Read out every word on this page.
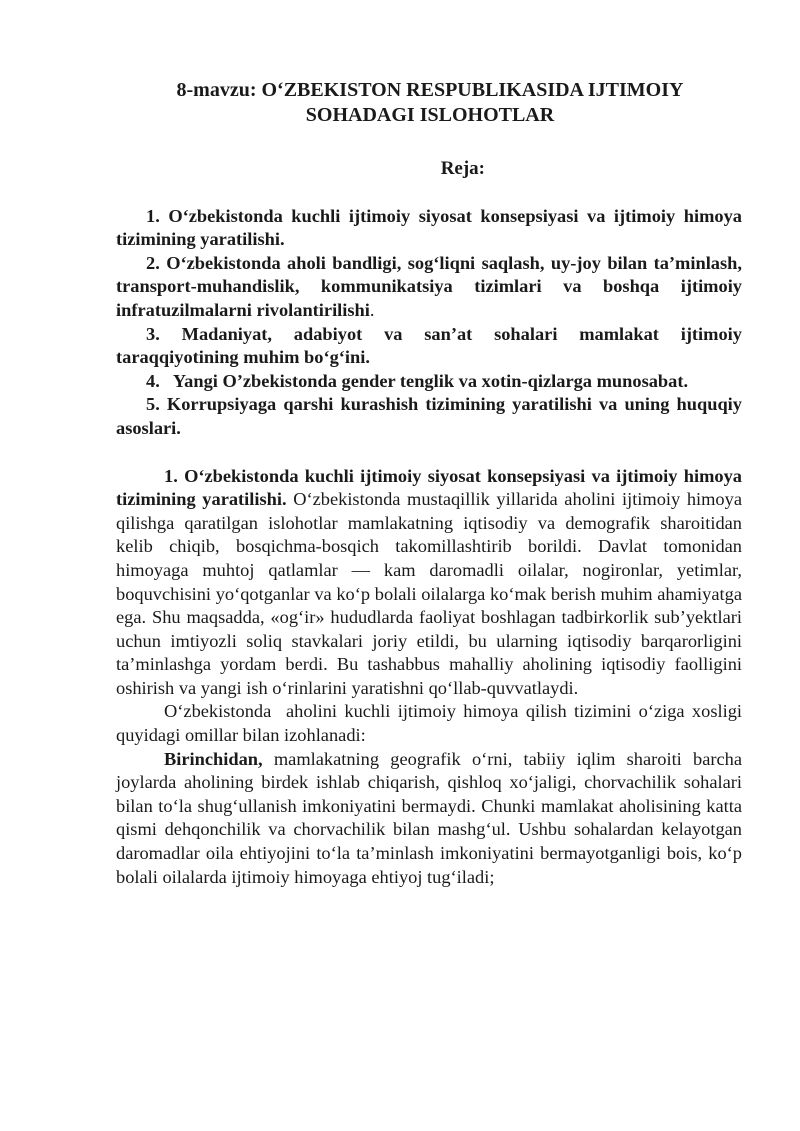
8-mavzu: O‘ZBEKISTON RESPUBLIKASIDA IJTIMOIY
SOHADAGI ISLOHOTLAR

Reja:

1. O‘zbekistonda kuchli ijtimoiy siyosat konsepsiyasi va ijtimoiy himoya tizimining yaratilishi.
2. O‘zbekistonda aholi bandligi, sog‘liqni saqlash, uy-joy bilan ta’minlash, transport-muhandislik, kommunikatsiya tizimlari va boshqa ijtimoiy infratuzilmalarni rivolantirilishi.
3. Madaniyat, adabiyot va san’at sohalari mamlakat ijtimoiy taraqqiyotining muhim bo‘g‘ini.
4.   Yangi O’zbekistonda gender tenglik va xotin-qizlarga munosabat.
5. Korrupsiyaga qarshi kurashish tizimining yaratilishi va uning huquqiy asoslari.

1. O‘zbekistonda kuchli ijtimoiy siyosat konsepsiyasi va ijtimoiy himoya tizimining yaratilishi. O‘zbekistonda mustaqillik yillarida aholini ijtimoiy himoya qilishga qaratilgan islohotlar mamlakatning iqtisodiy va demografik sharoitidan kelib chiqib, bosqichma-bosqich takomillashtirib borildi. Davlat tomonidan himoyaga muhtoj qatlamlar — kam daromadli oilalar, nogironlar, yetimlar, boquvchisini yo‘qotganlar va ko‘p bolali oilalarga ko‘mak berish muhim ahamiyatga ega. Shu maqsadda, «og‘ir» hududlarda faoliyat boshlagan tadbirkorlik sub’yektlari uchun imtiyozli soliq stavkalari joriy etildi, bu ularning iqtisodiy barqarorligini ta’minlashga yordam berdi. Bu tashabbus mahalliy aholining iqtisodiy faolligini oshirish va yangi ish o‘rinlarini yaratishni qo‘llab-quvvatlaydi.

O‘zbekistonda  aholini kuchli ijtimoiy himoya qilish tizimini o‘ziga xosligi quyidagi omillar bilan izohlanadi:

Birinchidan, mamlakatning geografik o‘rni, tabiiy iqlim sharoiti barcha joylarda aholining birdek ishlab chiqarish, qishloq xo‘jaligi, chorvachilik sohalari bilan to‘la shug‘ullanish imkoniyatini bermaydi. Chunki mamlakat aholisining katta qismi dehqonchilik va chorvachilik bilan mashg‘ul. Ushbu sohalardan kelayotgan daromadlar oila ehtiyojini to‘la ta’minlash imkoniyatini bermayotganligi bois, ko‘p bolali oilalarda ijtimoiy himoyaga ehtiyoj tug‘iladi;
